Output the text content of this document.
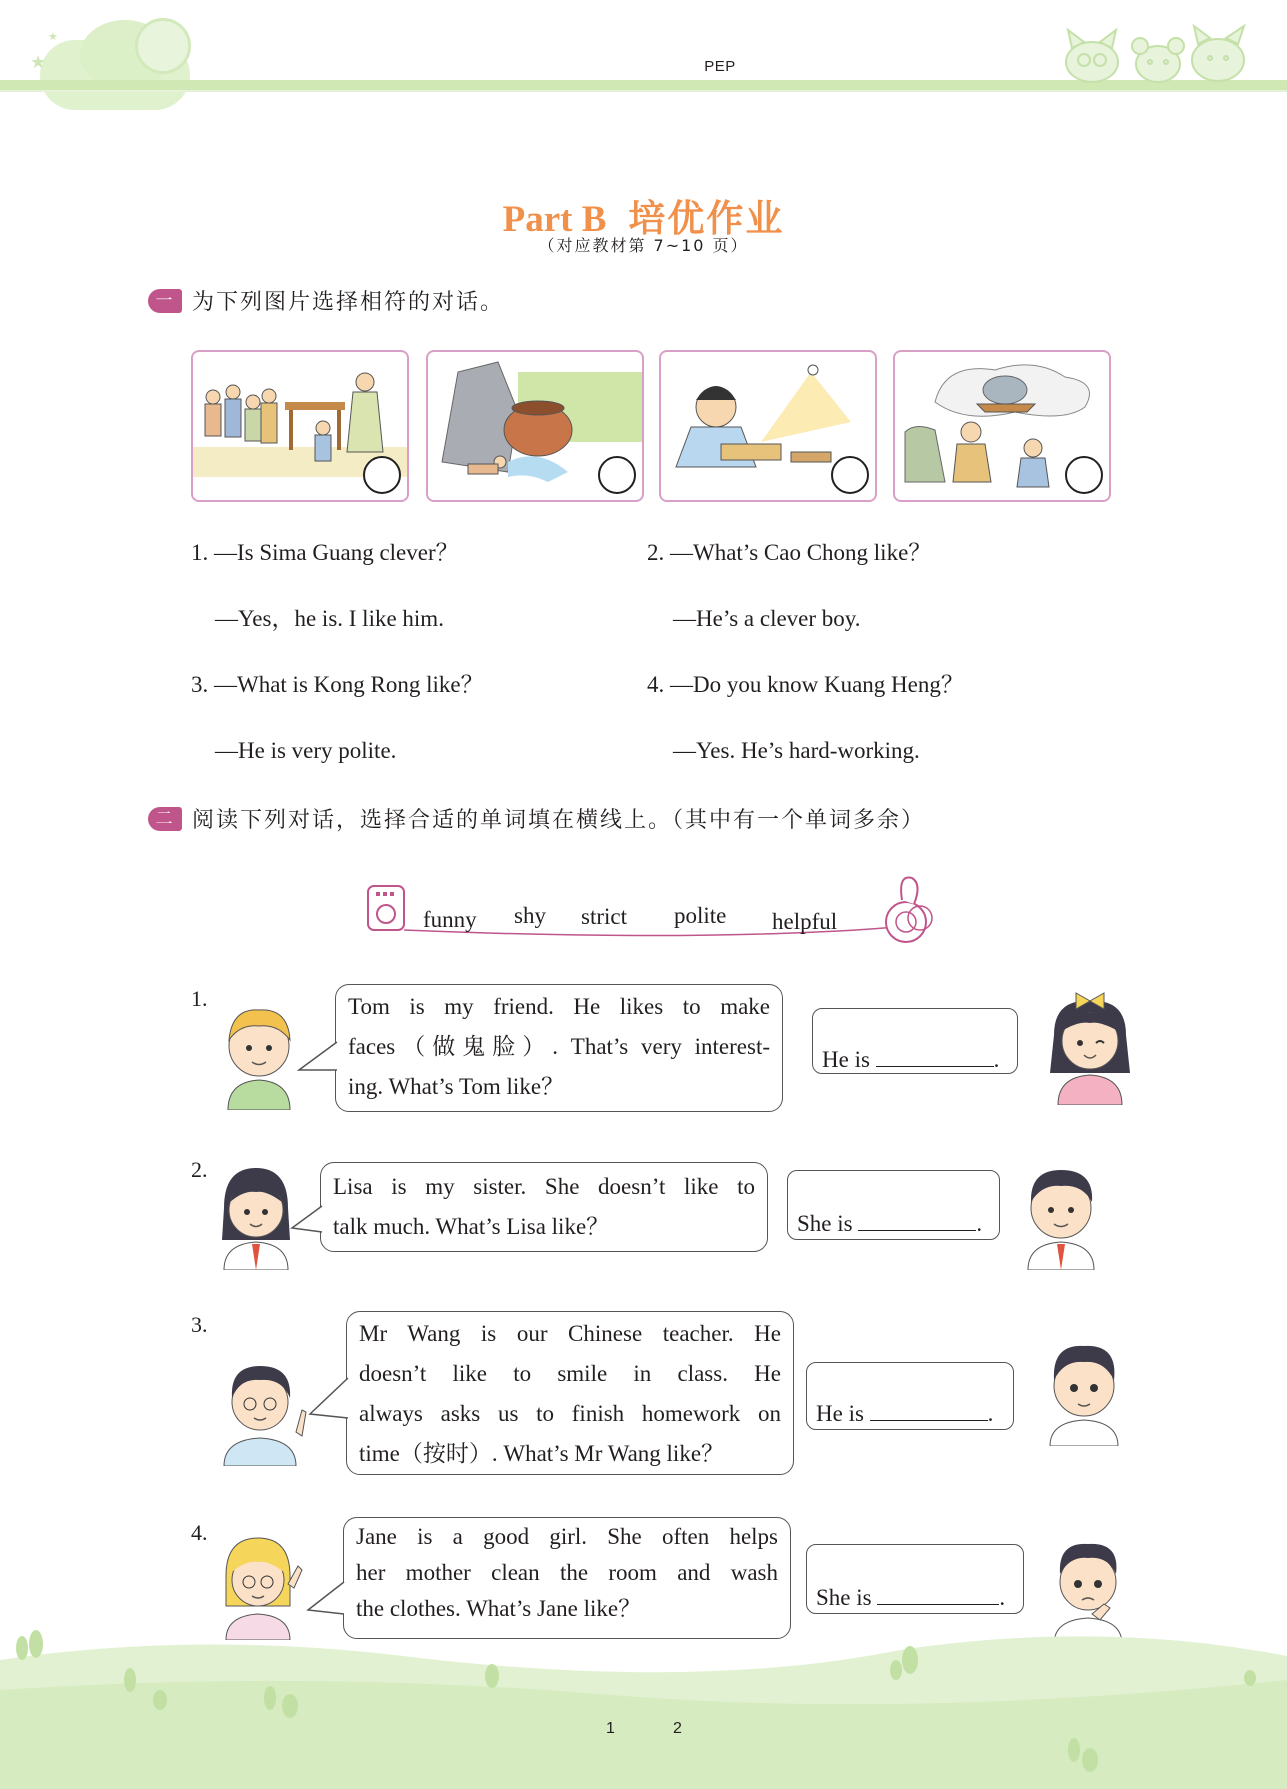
★
★
PEP
Part B 培优作业
（对应教材第 7~10 页）
一 为下列图片选择相符的对话。
1. —Is Sima Guang clever？
—Yes，he is. I like him.
2. —What’s Cao Chong like？
—He’s a clever boy.
3. —What is Kong Rong like？
—He is very polite.
4. —Do you know Kuang Heng？
—Yes. He’s hard-working.
二 阅读下列对话，选择合适的单词填在横线上。（其中有一个单词多余）
funny shy strict polite helpful
1.	Tom is my friend. He likes to make
faces（做鬼脸）. That’s very interest-
ing. What’s Tom like？
He is	.
2.
Lisa is my sister. She doesn’t like to
talk much. What’s Lisa like？	She is	.
3.	Mr Wang is our Chinese teacher. He
doesn’t like to smile in class. He
always asks us to finish homework on
time（按时）. What’s Mr Wang like？
He is	.
4.	Jane is a good girl. She often helps
her mother clean the room and wash
the clothes. What’s Jane like？	She is	.
1	2
